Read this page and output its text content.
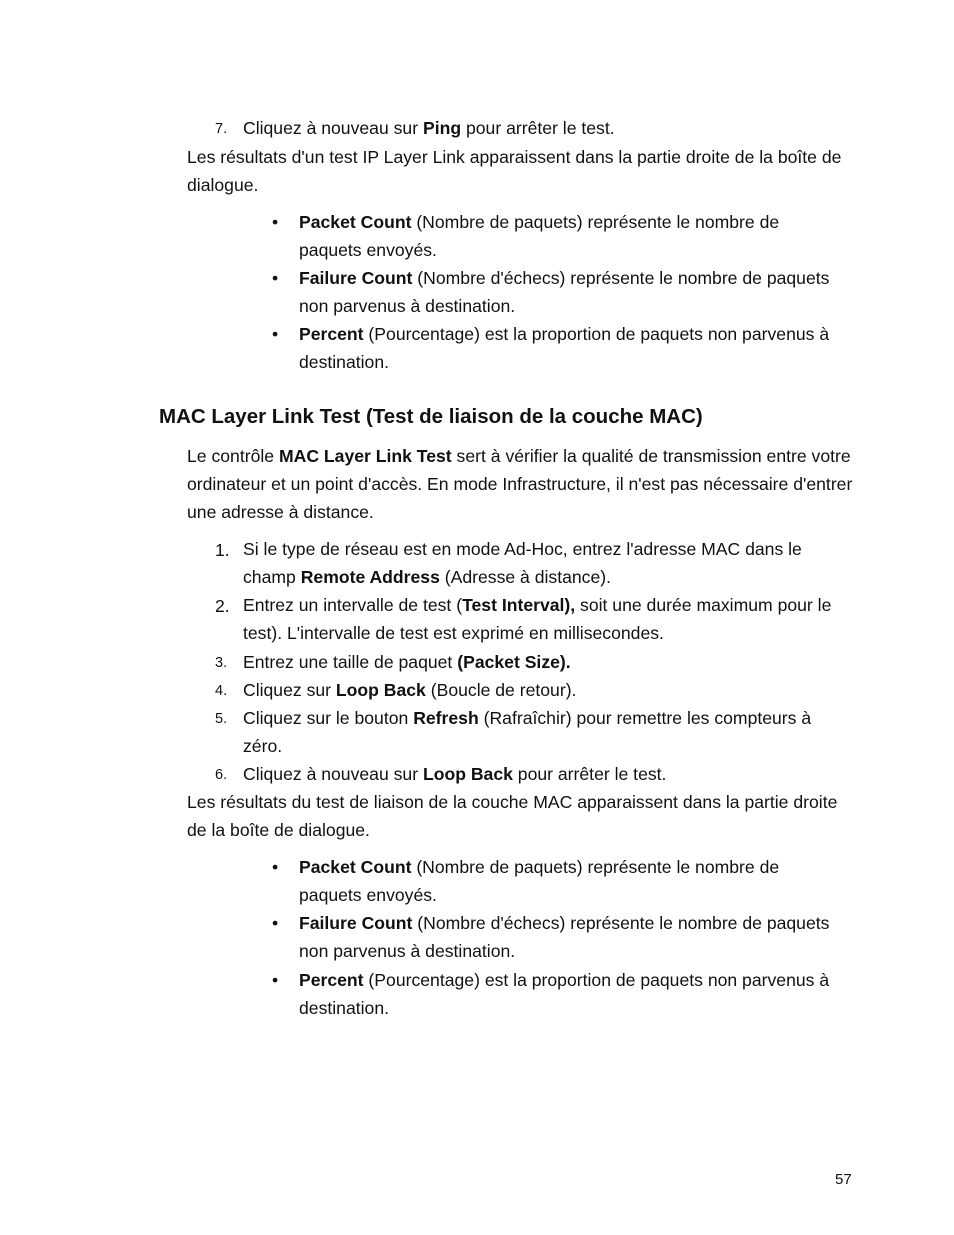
7. Cliquez à nouveau sur Ping pour arrêter le test.
Les résultats d'un test IP Layer Link apparaissent dans la partie droite de la boîte de dialogue.
• Packet Count (Nombre de paquets) représente le nombre de paquets envoyés.
• Failure Count (Nombre d'échecs) représente le nombre de paquets non parvenus à destination.
• Percent (Pourcentage) est la proportion de paquets non parvenus à destination.
MAC Layer Link Test (Test de liaison de la couche MAC)
Le contrôle MAC Layer Link Test sert à vérifier la qualité de transmission entre votre ordinateur et un point d'accès. En mode Infrastructure, il n'est pas nécessaire d'entrer une adresse à distance.
1. Si le type de réseau est en mode Ad-Hoc, entrez l'adresse MAC dans le champ Remote Address (Adresse à distance).
2. Entrez un intervalle de test (Test Interval), soit une durée maximum pour le test). L'intervalle de test est exprimé en millisecondes.
3. Entrez une taille de paquet (Packet Size).
4. Cliquez sur Loop Back (Boucle de retour).
5. Cliquez sur le bouton Refresh (Rafraîchir) pour remettre les compteurs à zéro.
6. Cliquez à nouveau sur Loop Back pour arrêter le test.
Les résultats du test de liaison de la couche MAC apparaissent dans la partie droite de la boîte de dialogue.
• Packet Count (Nombre de paquets) représente le nombre de paquets envoyés.
• Failure Count (Nombre d'échecs) représente le nombre de paquets non parvenus à destination.
• Percent (Pourcentage) est la proportion de paquets non parvenus à destination.
57
